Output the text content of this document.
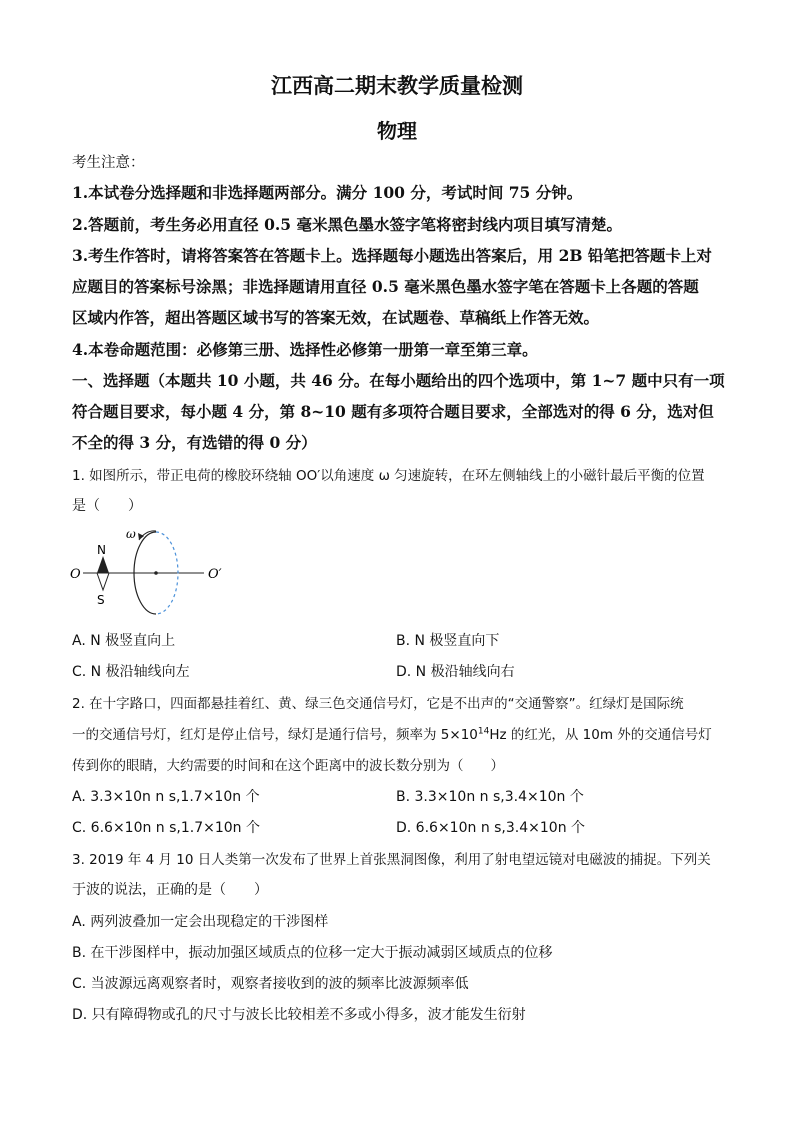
江西高二期末教学质量检测
物理
考生注意：
1.本试卷分选择题和非选择题两部分。满分 100 分，考试时间 75 分钟。
2.答题前，考生务必用直径 0.5 毫米黑色墨水签字笔将密封线内项目填写清楚。
3.考生作答时，请将答案答在答题卡上。选择题每小题选出答案后，用 2B 铅笔把答题卡上对
应题目的答案标号涂黑；非选择题请用直径 0.5 毫米黑色墨水签字笔在答题卡上各题的答题
区域内作答，超出答题区域书写的答案无效，在试题卷、草稿纸上作答无效。
4.本卷命题范围：必修第三册、选择性必修第一册第一章至第三章。
一、选择题（本题共 10 小题，共 46 分。在每小题给出的四个选项中，第 1~7 题中只有一项
符合题目要求，每小题 4 分，第 8~10 题有多项符合题目要求，全部选对的得 6 分，选对但
不全的得 3 分，有选错的得 0 分）
1. 如图所示，带正电荷的橡胶环绕轴 OO′以角速度 ω 匀速旋转，在环左侧轴线上的小磁针最后平衡的位置
是（　　）
ω
N
S
O	O′
A. N 极竖直向上	B. N 极竖直向下
C. N 极沿轴线向左	D. N 极沿轴线向右
2. 在十字路口，四面都悬挂着红、黄、绿三色交通信号灯，它是不出声的“交通警察”。红绿灯是国际统
一的交通信号灯，红灯是停止信号，绿灯是通行信号，频率为 $5\times 10^{14}Hz$ 的红光，从 10m 外的交通信号灯
传到你的眼睛，大约需要的时间和在这个距离中的波长数分别为（　　）
A. 3.3×10n n s,1.7×10n 个	B. 3.3×10n n s,3.4×10n 个
C. 6.6×10n n s,1.7×10n 个	D. 6.6×10n n s,3.4×10n 个
3. 2019 年 4 月 10 日人类第一次发布了世界上首张黑洞图像，利用了射电望远镜对电磁波的捕捉。下列关
于波的说法，正确的是（　　）
A. 两列波叠加一定会出现稳定的干涉图样
B. 在干涉图样中，振动加强区域质点的位移一定大于振动减弱区域质点的位移
C. 当波源远离观察者时，观察者接收到的波的频率比波源频率低
D. 只有障碍物或孔的尺寸与波长比较相差不多或小得多，波才能发生衍射
